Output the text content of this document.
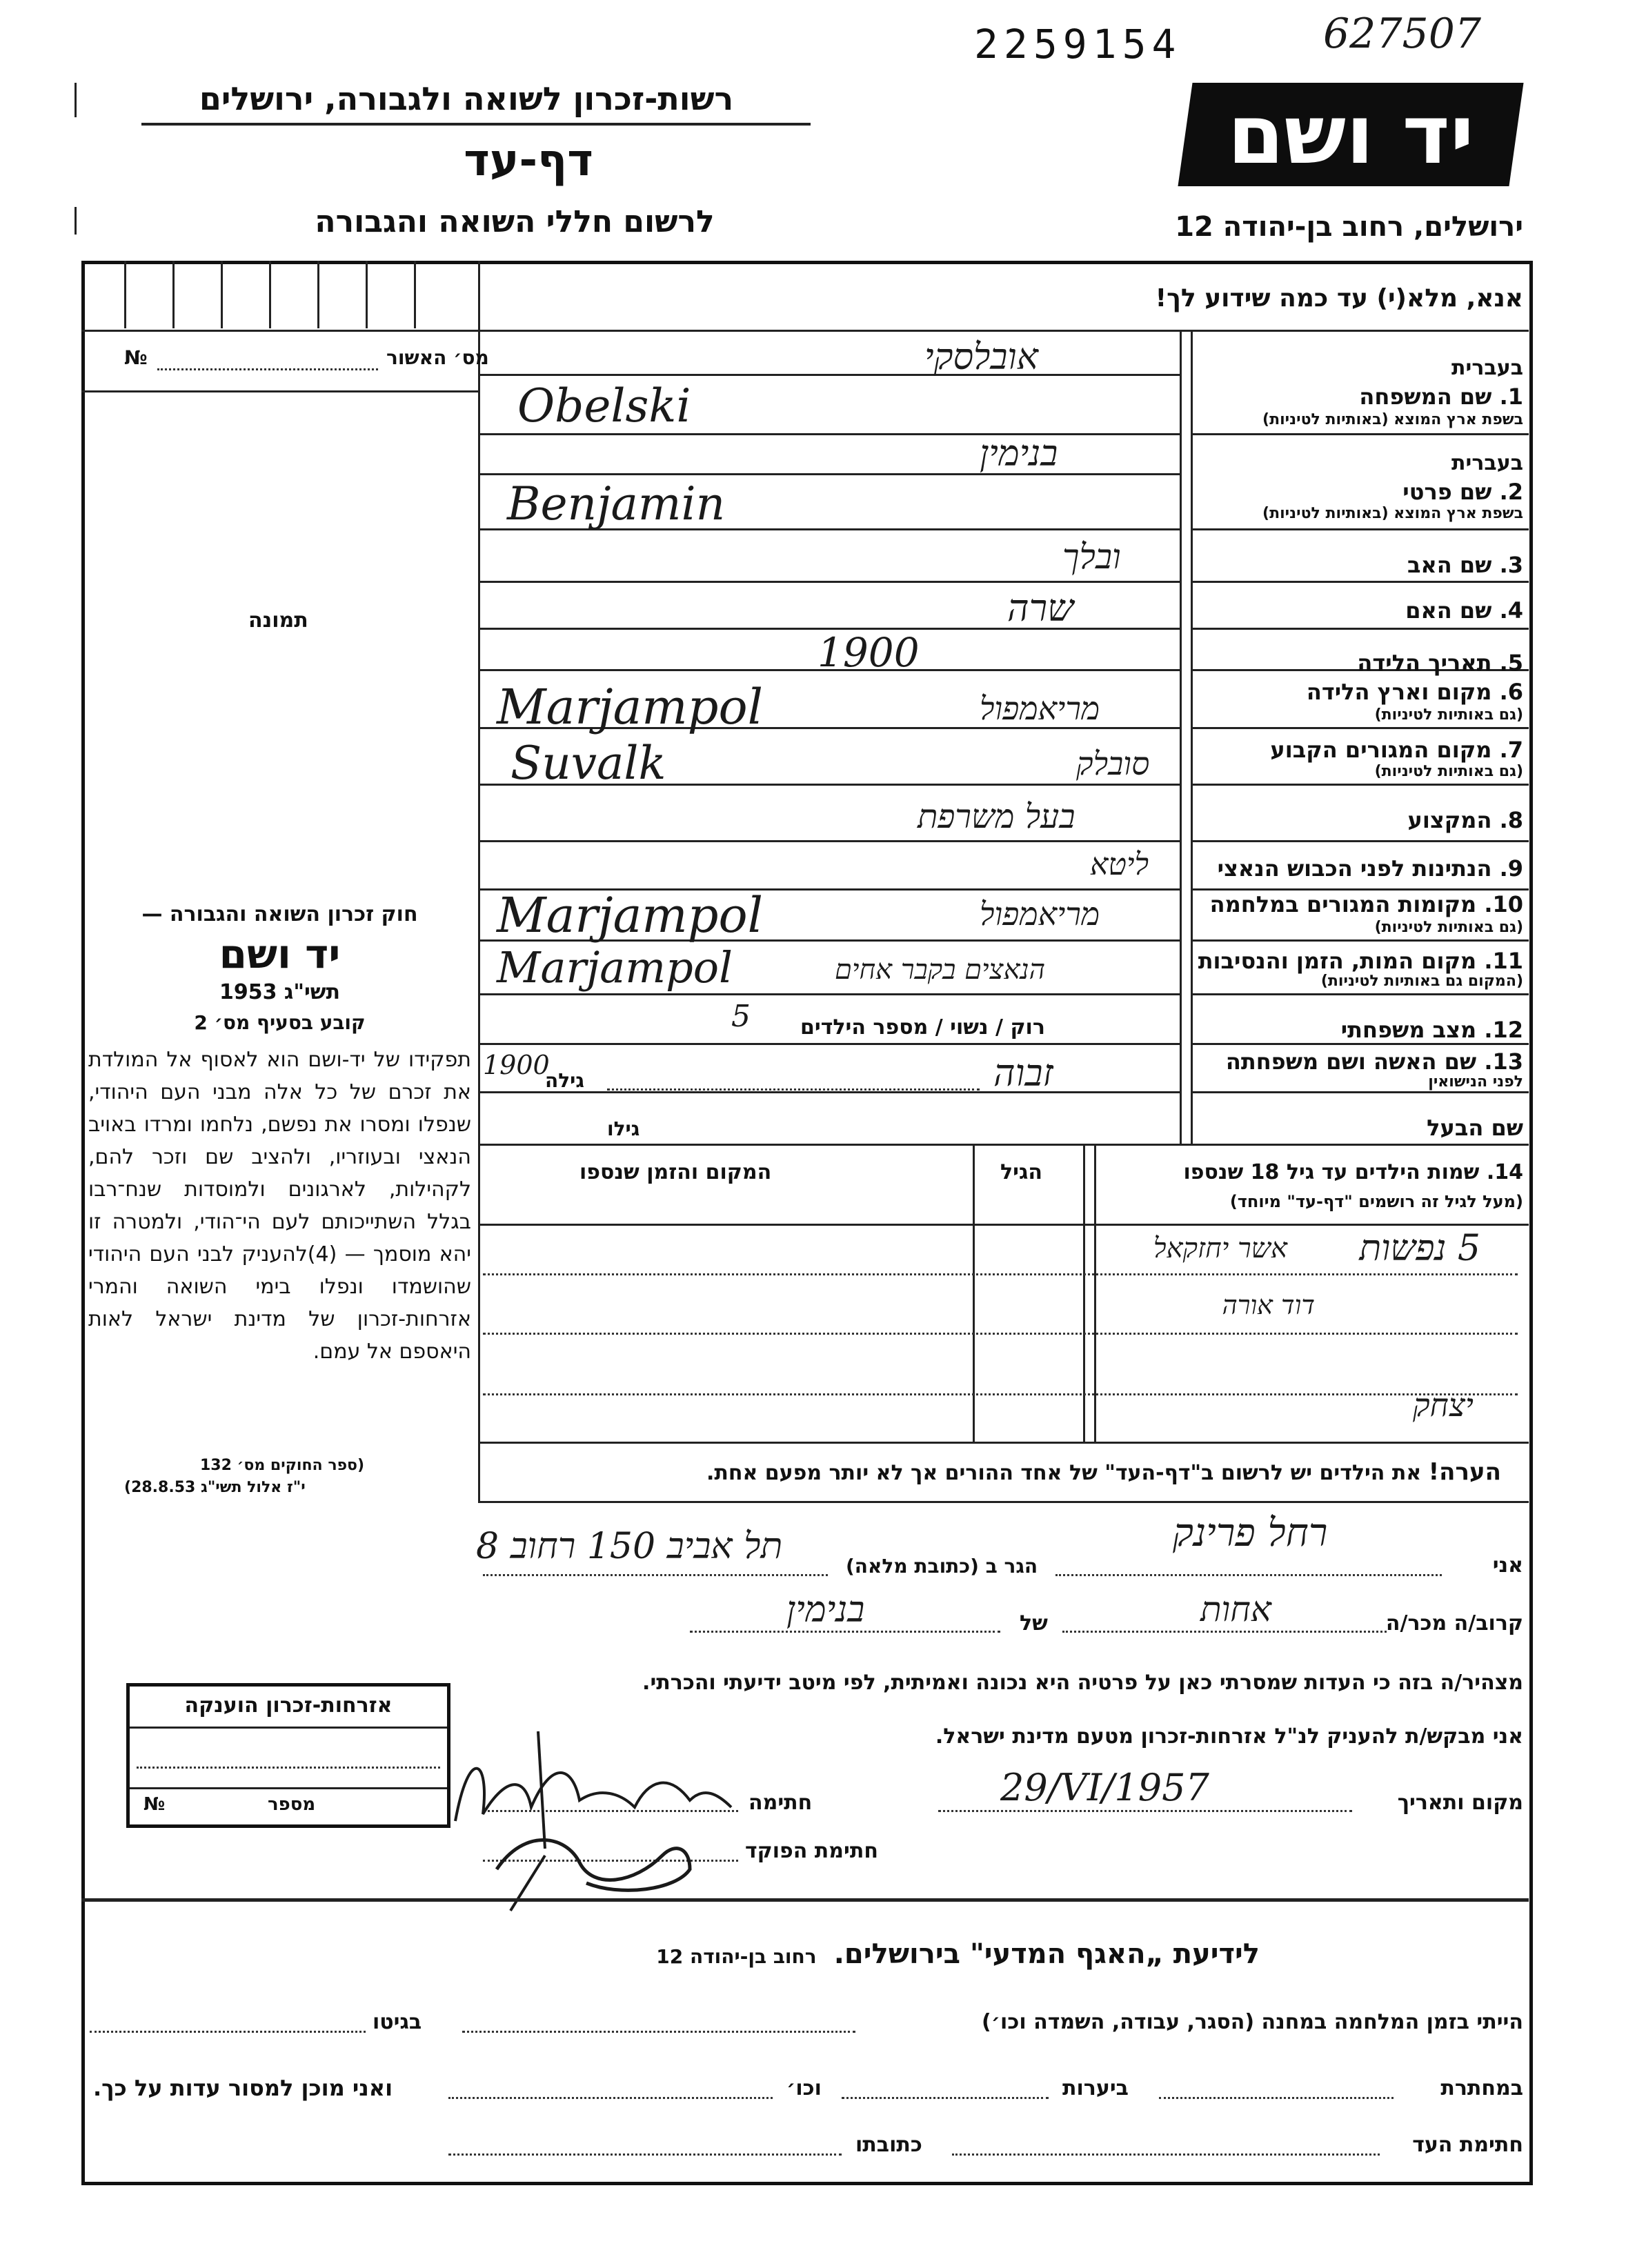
2259154	627507
רשות-זכרון לשואה ולגבורה, ירושלים
דף-עד
לרשום חללי השואה והגבורה
יד ושם
ירושלים, רחוב בן-יהודה 12
אנא, מלא(י) עד כמה שידוע לך!
מס׳ האשור
№
תמונה
בעברית
1. שם המשפחה
בשפת ארץ המוצא (באותיות לטיניות)
אובלסקי
Obelski
בעברית
2. שם פרטי
בשפת ארץ המוצא (באותיות לטיניות)
בנימין
Benjamin
3. שם האב
ובלך
4. שם האם
שרה
5. תאריך הלידה
1900
6. מקום וארץ הלידה
(גם באותיות לטיניות)
מריאמפול
Marjampol
7. מקום המגורים הקבוע
(גם באותיות לטיניות)
סובלק
Suvalk
8. המקצוע
בעל משרפת
9. הנתינות לפני הכבוש הנאצי
ליטא
10. מקומות המגורים במלחמה
(גם באותיות לטיניות)
מריאמפול
Marjampol
11. מקום המות, הזמן והנסיבות
(המקום גם באותיות לטיניות)
הנאצים בקבר אחים
Marjampol
12. מצב משפחתי
רוק / נשוי / מספר הילדים
5
13. שם האשה ושם משפחתה
לפני הנישואין
זבוה
גילה
1900
שם הבעל
גילו
14. שמות הילדים עד גיל 18 שנספו
(מעל לגיל זה רושמים "דף-עד" מיוחד)
הגיל
המקום והזמן שנספו
5 נפשות
אשר יחזקאל
דוד אורה
יצחק
הערה! את הילדים יש לרשום ב"דף-העד" של אחד ההורים אך לא יותר מפעם אחת.
חוק זכרון השואה והגבורה —
יד ושם
תשי"ג 1953
קובע בסעיף מס׳ 2
תפקידו של יד-ושם הוא לאסוף אל המולדת את זכרם של כל אלה מבני העם היהודי, שנפלו ומסרו את נפשם, נלחמו ומרדו באויב הנאצי ובעוזריו, ולהציב שם וזכר להם, לקהילות, לארגונים ולמוסדות שנח־רבו בגלל השתייכותם לעם הי־הודי, ולמטרה זו יהא מוסמך — (4)להעניק לבני העם היהודי שהושמדו ונפלו בימי השואה והמרי אזרחות-זכרון של מדינת ישראל לאות היאספם אל עמם.
(ספר החוקים מס׳ 132
י"ז אלול תשי"ג 28.8.53)
אני
רחל פרינק
הגר ב (כתובת מלאה)
תל אביב 150 רחוב 8
קרוב/ה מכר/ה
אחות
של
בנימין
מצהיר/ה בזה כי העדות שמסרתי כאן על פרטיה היא נכונה ואמיתית, לפי מיטב ידיעתי והכרתי.
אני מבקש/ת להעניק לנ"ל אזרחות-זכרון מטעם מדינת ישראל.
מקום ותאריך
29/VI/1957
חתימה
חתימת הפוקד
אזרחות-זכרון הוענקה
מספר
№
לידיעת „האגף המדעי" בירושלים. רחוב בן-יהודה 12
הייתי בזמן המלחמה במחנה (הסגר, עבודה, השמדה וכו׳)
בגיטו
במחתרת
ביערות
וכו׳
ואני מוכן למסור עדות על כך.
חתימת העד
כתובתו
